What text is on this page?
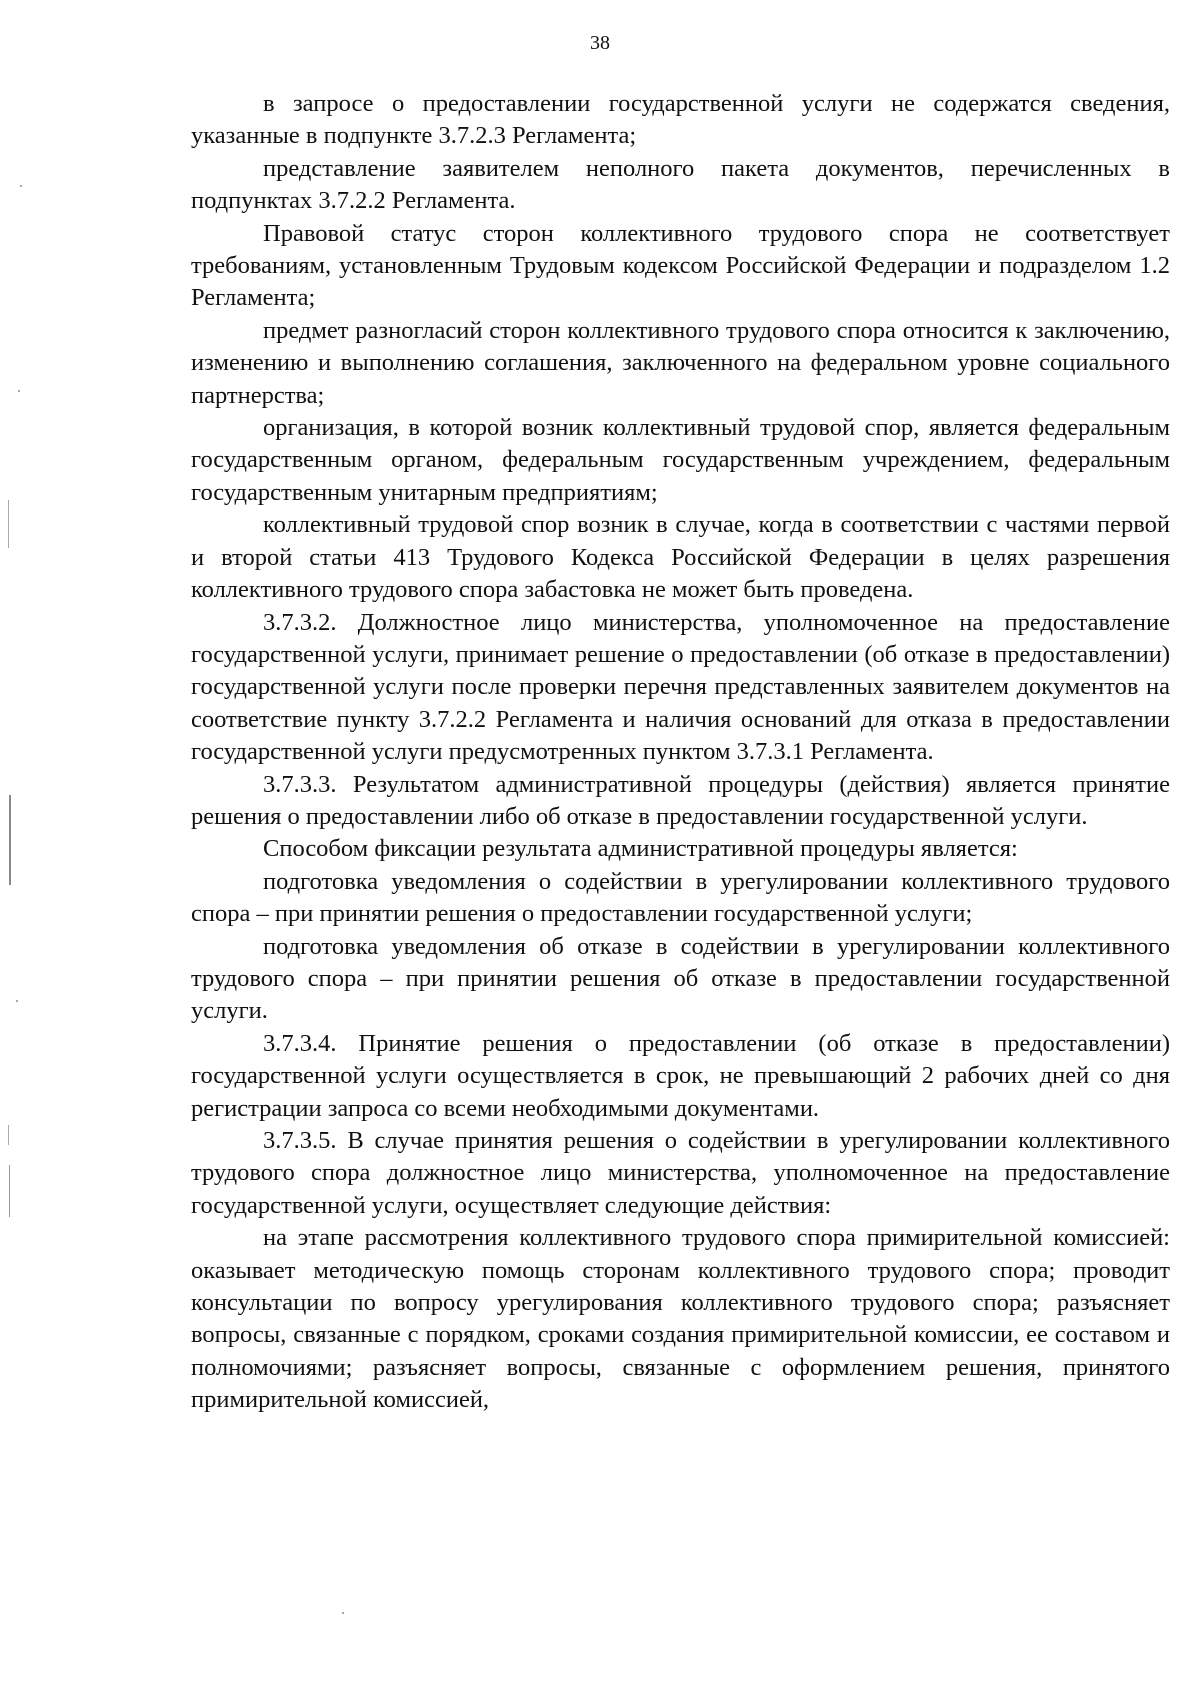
38

в запросе о предоставлении государственной услуги не содержатся сведения, указанные в подпункте 3.7.2.3 Регламента;

представление заявителем неполного пакета документов, перечисленных в подпунктах 3.7.2.2 Регламента.

Правовой статус сторон коллективного трудового спора не соответствует требованиям, установленным Трудовым кодексом Российской Федерации и подразделом 1.2 Регламента;

предмет разногласий сторон коллективного трудового спора относится к заключению, изменению и выполнению соглашения, заключенного на федеральном уровне социального партнерства;

организация, в которой возник коллективный трудовой спор, является федеральным государственным органом, федеральным государственным учреждением, федеральным государственным унитарным предприятиям;

коллективный трудовой спор возник в случае, когда в соответствии с частями первой и второй статьи 413 Трудового Кодекса Российской Федерации в целях разрешения коллективного трудового спора забастовка не может быть проведена.

3.7.3.2. Должностное лицо министерства, уполномоченное на предоставление государственной услуги, принимает решение о предоставлении (об отказе в предоставлении) государственной услуги после проверки перечня представленных заявителем документов на соответствие пункту 3.7.2.2 Регламента и наличия оснований для отказа в предоставлении государственной услуги предусмотренных пунктом 3.7.3.1 Регламента.

3.7.3.3. Результатом административной процедуры (действия) является принятие решения о предоставлении либо об отказе в предоставлении государственной услуги.

Способом фиксации результата административной процедуры является:

подготовка уведомления о содействии в урегулировании коллективного трудового спора – при принятии решения о предоставлении государственной услуги;

подготовка уведомления об отказе в содействии в урегулировании коллективного трудового спора – при принятии решения об отказе в предоставлении государственной услуги.

3.7.3.4. Принятие решения о предоставлении (об отказе в предоставлении) государственной услуги осуществляется в срок, не превышающий 2 рабочих дней со дня регистрации запроса со всеми необходимыми документами.

3.7.3.5. В случае принятия решения о содействии в урегулировании коллективного трудового спора должностное лицо министерства, уполномоченное на предоставление государственной услуги, осуществляет следующие действия:

на этапе рассмотрения коллективного трудового спора примирительной комиссией: оказывает методическую помощь сторонам коллективного трудового спора; проводит консультации по вопросу урегулирования коллективного трудового спора; разъясняет вопросы, связанные с порядком, сроками создания примирительной комиссии, ее составом и полномочиями; разъясняет вопросы, связанные с оформлением решения, принятого примирительной комиссией,
